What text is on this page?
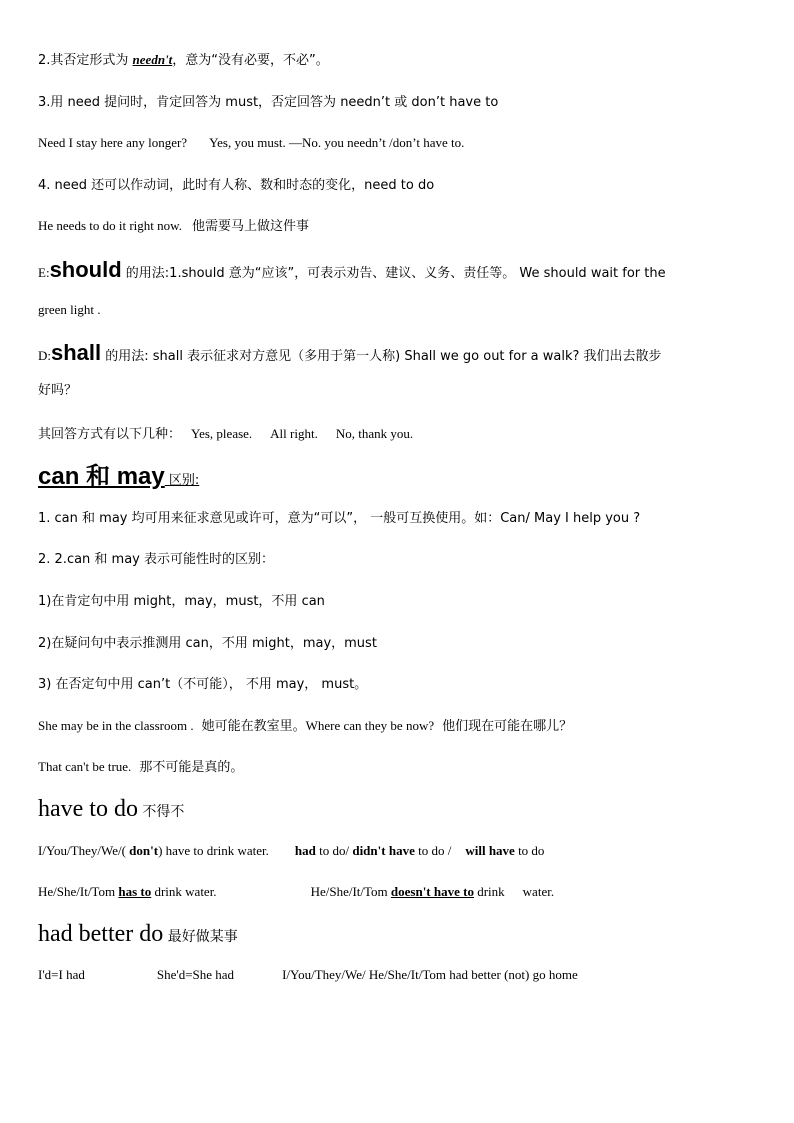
2.其否定形式为 needn't，意为“没有必要，不必”。
3.用 need 提问时，肯定回答为 must，否定回答为 needn’t 或 don’t have to
Need I stay here any longer? Yes, you must. —No. you needn’t /don’t have to.
4. need 还可以作动词，此时有人称、数和时态的变化，need to do
He needs to do it right now. 他需要马上做这件事
E:should 的用法:1.should 意为“应该”，可表示劝告、建议、义务、责任等。 We should wait for the
green light .
D:shall 的用法: shall 表示征求对方意见（多用于第一人称) Shall we go out for a walk? 我们出去散步
好吗？
其回答方式有以下几种： Yes, please. All right. No, thank you.
can 和 may 区别:
1. can 和 may 均可用来征求意见或许可，意为“可以”， 一般可互换使用。如：Can/ May I help you ?
2. 2.can 和 may 表示可能性时的区别：
1)在肯定句中用 might，may，must，不用 can
2)在疑问句中表示推测用 can，不用 might，may，must
3) 在否定句中用 can’t（不可能）， 不用 may， must。
She may be in the classroom . 她可能在教室里。Where can they be now? 他们现在可能在哪儿？
That can't be true. 那不可能是真的。
have to do 不得不
I/You/They/We/( don't) have to drink water. had to do/ didn't have to do / will have to do
He/She/It/Tom has to drink water.	He/She/It/Tom doesn't have to drink water.
had better do 最好做某事
I'd=I had	She'd=She had	I/You/They/We/ He/She/It/Tom had better (not) go home
